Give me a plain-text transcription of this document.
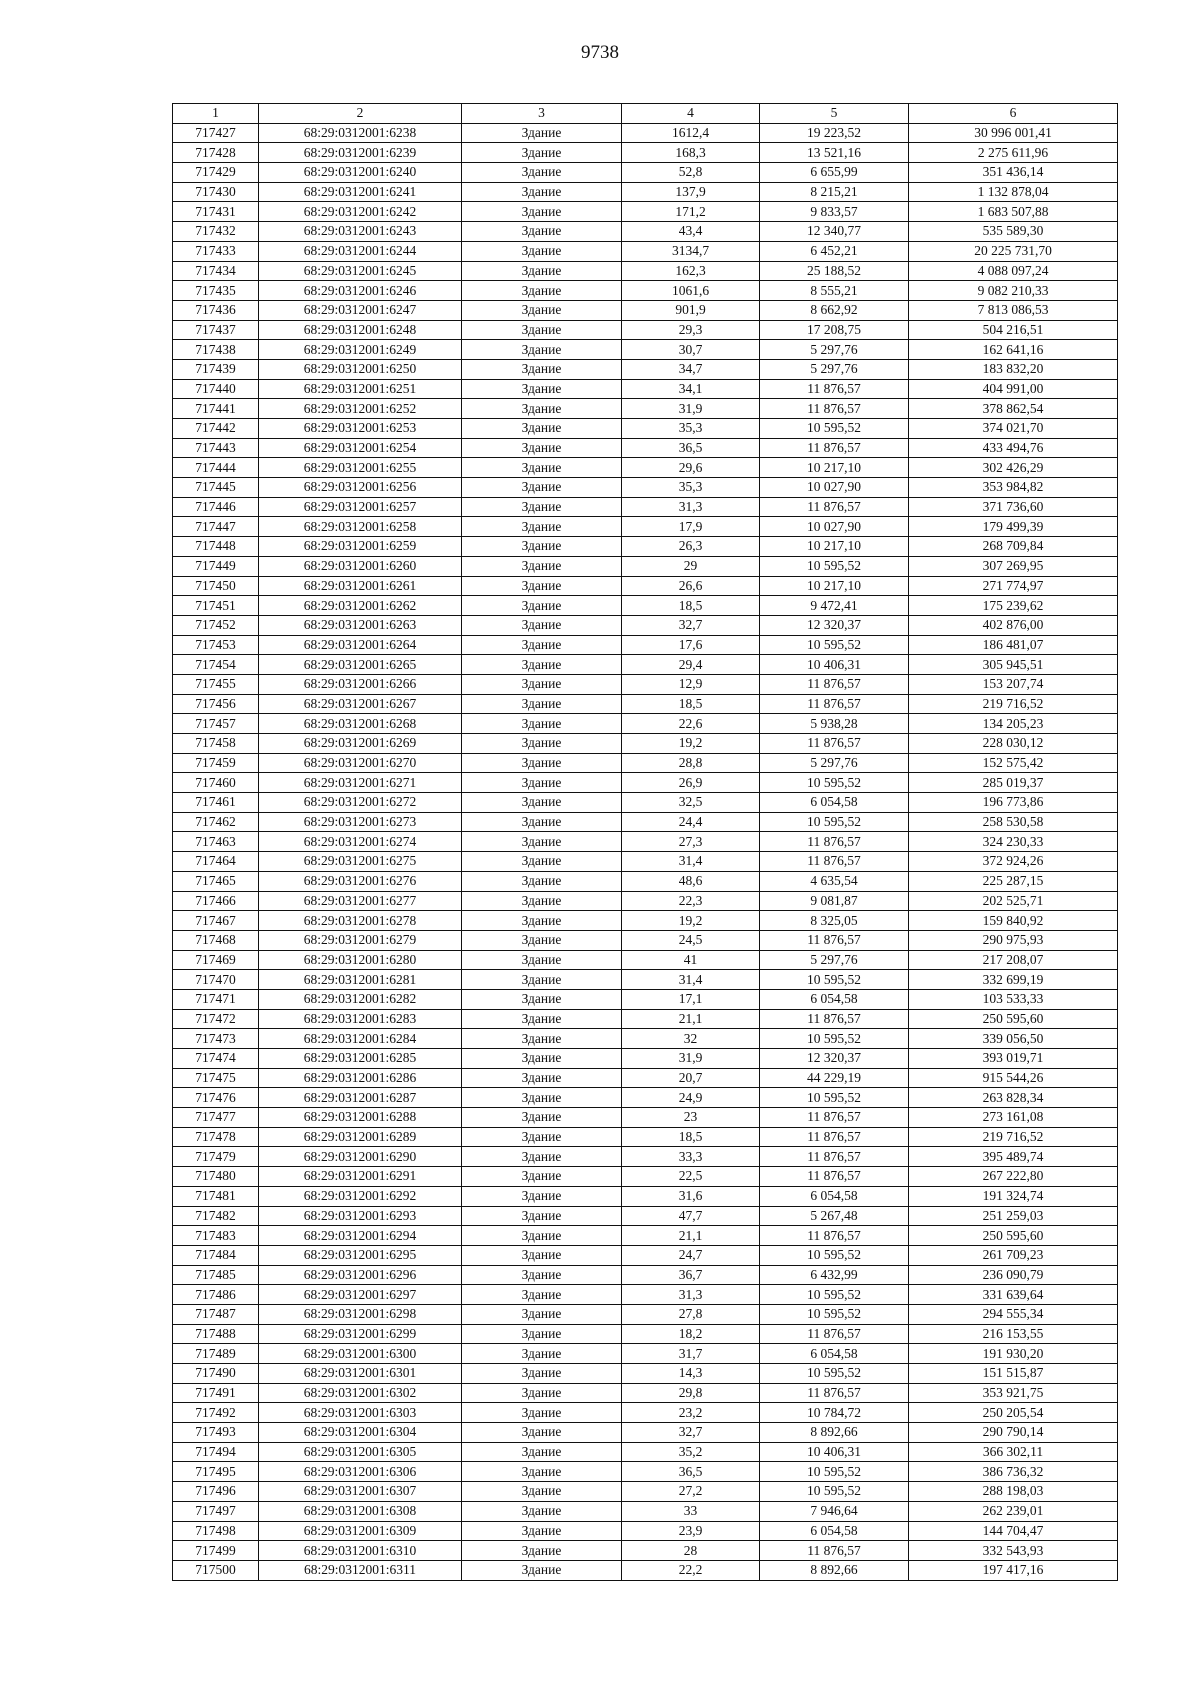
9738
1	2	3	4	5	6
717427	68:29:0312001:6238	Здание	1612,4	19 223,52	30 996 001,41
717428	68:29:0312001:6239	Здание	168,3	13 521,16	2 275 611,96
717429	68:29:0312001:6240	Здание	52,8	6 655,99	351 436,14
717430	68:29:0312001:6241	Здание	137,9	8 215,21	1 132 878,04
717431	68:29:0312001:6242	Здание	171,2	9 833,57	1 683 507,88
717432	68:29:0312001:6243	Здание	43,4	12 340,77	535 589,30
717433	68:29:0312001:6244	Здание	3134,7	6 452,21	20 225 731,70
717434	68:29:0312001:6245	Здание	162,3	25 188,52	4 088 097,24
717435	68:29:0312001:6246	Здание	1061,6	8 555,21	9 082 210,33
717436	68:29:0312001:6247	Здание	901,9	8 662,92	7 813 086,53
717437	68:29:0312001:6248	Здание	29,3	17 208,75	504 216,51
717438	68:29:0312001:6249	Здание	30,7	5 297,76	162 641,16
717439	68:29:0312001:6250	Здание	34,7	5 297,76	183 832,20
717440	68:29:0312001:6251	Здание	34,1	11 876,57	404 991,00
717441	68:29:0312001:6252	Здание	31,9	11 876,57	378 862,54
717442	68:29:0312001:6253	Здание	35,3	10 595,52	374 021,70
717443	68:29:0312001:6254	Здание	36,5	11 876,57	433 494,76
717444	68:29:0312001:6255	Здание	29,6	10 217,10	302 426,29
717445	68:29:0312001:6256	Здание	35,3	10 027,90	353 984,82
717446	68:29:0312001:6257	Здание	31,3	11 876,57	371 736,60
717447	68:29:0312001:6258	Здание	17,9	10 027,90	179 499,39
717448	68:29:0312001:6259	Здание	26,3	10 217,10	268 709,84
717449	68:29:0312001:6260	Здание	29	10 595,52	307 269,95
717450	68:29:0312001:6261	Здание	26,6	10 217,10	271 774,97
717451	68:29:0312001:6262	Здание	18,5	9 472,41	175 239,62
717452	68:29:0312001:6263	Здание	32,7	12 320,37	402 876,00
717453	68:29:0312001:6264	Здание	17,6	10 595,52	186 481,07
717454	68:29:0312001:6265	Здание	29,4	10 406,31	305 945,51
717455	68:29:0312001:6266	Здание	12,9	11 876,57	153 207,74
717456	68:29:0312001:6267	Здание	18,5	11 876,57	219 716,52
717457	68:29:0312001:6268	Здание	22,6	5 938,28	134 205,23
717458	68:29:0312001:6269	Здание	19,2	11 876,57	228 030,12
717459	68:29:0312001:6270	Здание	28,8	5 297,76	152 575,42
717460	68:29:0312001:6271	Здание	26,9	10 595,52	285 019,37
717461	68:29:0312001:6272	Здание	32,5	6 054,58	196 773,86
717462	68:29:0312001:6273	Здание	24,4	10 595,52	258 530,58
717463	68:29:0312001:6274	Здание	27,3	11 876,57	324 230,33
717464	68:29:0312001:6275	Здание	31,4	11 876,57	372 924,26
717465	68:29:0312001:6276	Здание	48,6	4 635,54	225 287,15
717466	68:29:0312001:6277	Здание	22,3	9 081,87	202 525,71
717467	68:29:0312001:6278	Здание	19,2	8 325,05	159 840,92
717468	68:29:0312001:6279	Здание	24,5	11 876,57	290 975,93
717469	68:29:0312001:6280	Здание	41	5 297,76	217 208,07
717470	68:29:0312001:6281	Здание	31,4	10 595,52	332 699,19
717471	68:29:0312001:6282	Здание	17,1	6 054,58	103 533,33
717472	68:29:0312001:6283	Здание	21,1	11 876,57	250 595,60
717473	68:29:0312001:6284	Здание	32	10 595,52	339 056,50
717474	68:29:0312001:6285	Здание	31,9	12 320,37	393 019,71
717475	68:29:0312001:6286	Здание	20,7	44 229,19	915 544,26
717476	68:29:0312001:6287	Здание	24,9	10 595,52	263 828,34
717477	68:29:0312001:6288	Здание	23	11 876,57	273 161,08
717478	68:29:0312001:6289	Здание	18,5	11 876,57	219 716,52
717479	68:29:0312001:6290	Здание	33,3	11 876,57	395 489,74
717480	68:29:0312001:6291	Здание	22,5	11 876,57	267 222,80
717481	68:29:0312001:6292	Здание	31,6	6 054,58	191 324,74
717482	68:29:0312001:6293	Здание	47,7	5 267,48	251 259,03
717483	68:29:0312001:6294	Здание	21,1	11 876,57	250 595,60
717484	68:29:0312001:6295	Здание	24,7	10 595,52	261 709,23
717485	68:29:0312001:6296	Здание	36,7	6 432,99	236 090,79
717486	68:29:0312001:6297	Здание	31,3	10 595,52	331 639,64
717487	68:29:0312001:6298	Здание	27,8	10 595,52	294 555,34
717488	68:29:0312001:6299	Здание	18,2	11 876,57	216 153,55
717489	68:29:0312001:6300	Здание	31,7	6 054,58	191 930,20
717490	68:29:0312001:6301	Здание	14,3	10 595,52	151 515,87
717491	68:29:0312001:6302	Здание	29,8	11 876,57	353 921,75
717492	68:29:0312001:6303	Здание	23,2	10 784,72	250 205,54
717493	68:29:0312001:6304	Здание	32,7	8 892,66	290 790,14
717494	68:29:0312001:6305	Здание	35,2	10 406,31	366 302,11
717495	68:29:0312001:6306	Здание	36,5	10 595,52	386 736,32
717496	68:29:0312001:6307	Здание	27,2	10 595,52	288 198,03
717497	68:29:0312001:6308	Здание	33	7 946,64	262 239,01
717498	68:29:0312001:6309	Здание	23,9	6 054,58	144 704,47
717499	68:29:0312001:6310	Здание	28	11 876,57	332 543,93
717500	68:29:0312001:6311	Здание	22,2	8 892,66	197 417,16
